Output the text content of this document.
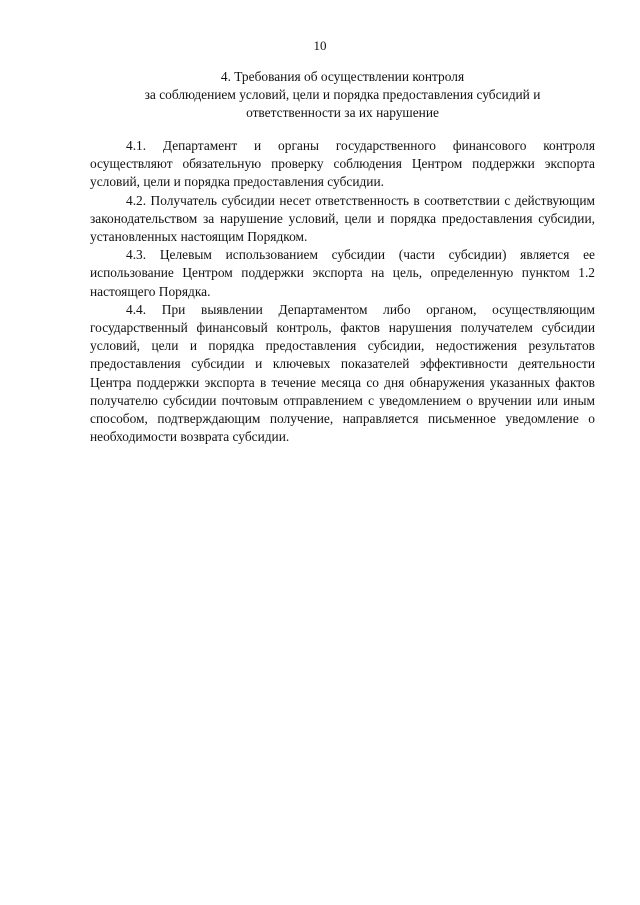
10
4. Требования об осуществлении контроля
за соблюдением условий, цели и порядка предоставления субсидий и
ответственности за их нарушение

4.1. Департамент и органы государственного финансового контроля осуществляют обязательную проверку соблюдения Центром поддержки экспорта условий, цели и порядка предоставления субсидии.

4.2. Получатель субсидии несет ответственность в соответствии с действующим законодательством за нарушение условий, цели и порядка предоставления субсидии, установленных настоящим Порядком.

4.3. Целевым использованием субсидии (части субсидии) является ее использование Центром поддержки экспорта на цель, определенную пунктом 1.2 настоящего Порядка.

4.4. При выявлении Департаментом либо органом, осуществляющим государственный финансовый контроль, фактов нарушения получателем субсидии условий, цели и порядка предоставления субсидии, недостижения результатов предоставления субсидии и ключевых показателей эффективности деятельности Центра поддержки экспорта в течение месяца со дня обнаружения указанных фактов получателю субсидии почтовым отправлением с уведомлением о вручении или иным способом, подтверждающим получение, направляется письменное уведомление о необходимости возврата субсидии.
